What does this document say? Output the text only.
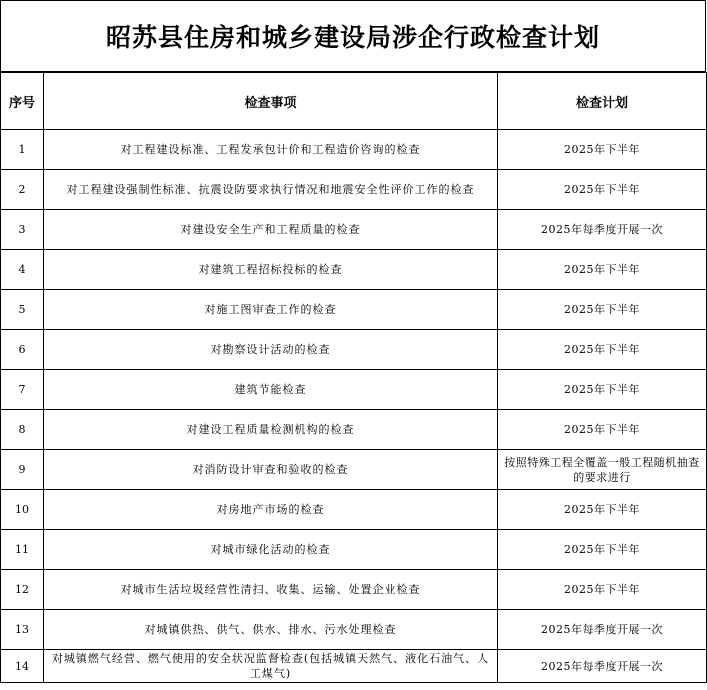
昭苏县住房和城乡建设局涉企行政检查计划
序号	检查事项	检查计划
1	对工程建设标准、工程发承包计价和工程造价咨询的检查	2025年下半年
2	对工程建设强制性标准、抗震设防要求执行情况和地震安全性评价工作的检查	2025年下半年
3	对建设安全生产和工程质量的检查	2025年每季度开展一次
4	对建筑工程招标投标的检查	2025年下半年
5	对施工图审查工作的检查	2025年下半年
6	对勘察设计活动的检查	2025年下半年
7	建筑节能检查	2025年下半年
8	对建设工程质量检测机构的检查	2025年下半年
9	对消防设计审查和验收的检查	按照特殊工程全覆盖一般工程随机抽查的要求进行
10	对房地产市场的检查	2025年下半年
11	对城市绿化活动的检查	2025年下半年
12	对城市生活垃圾经营性清扫、收集、运输、处置企业检查	2025年下半年
13	对城镇供热、供气、供水、排水、污水处理检查	2025年每季度开展一次
14	对城镇燃气经营、燃气使用的安全状况监督检查(包括城镇天然气、液化石油气、人工煤气)	2025年每季度开展一次
